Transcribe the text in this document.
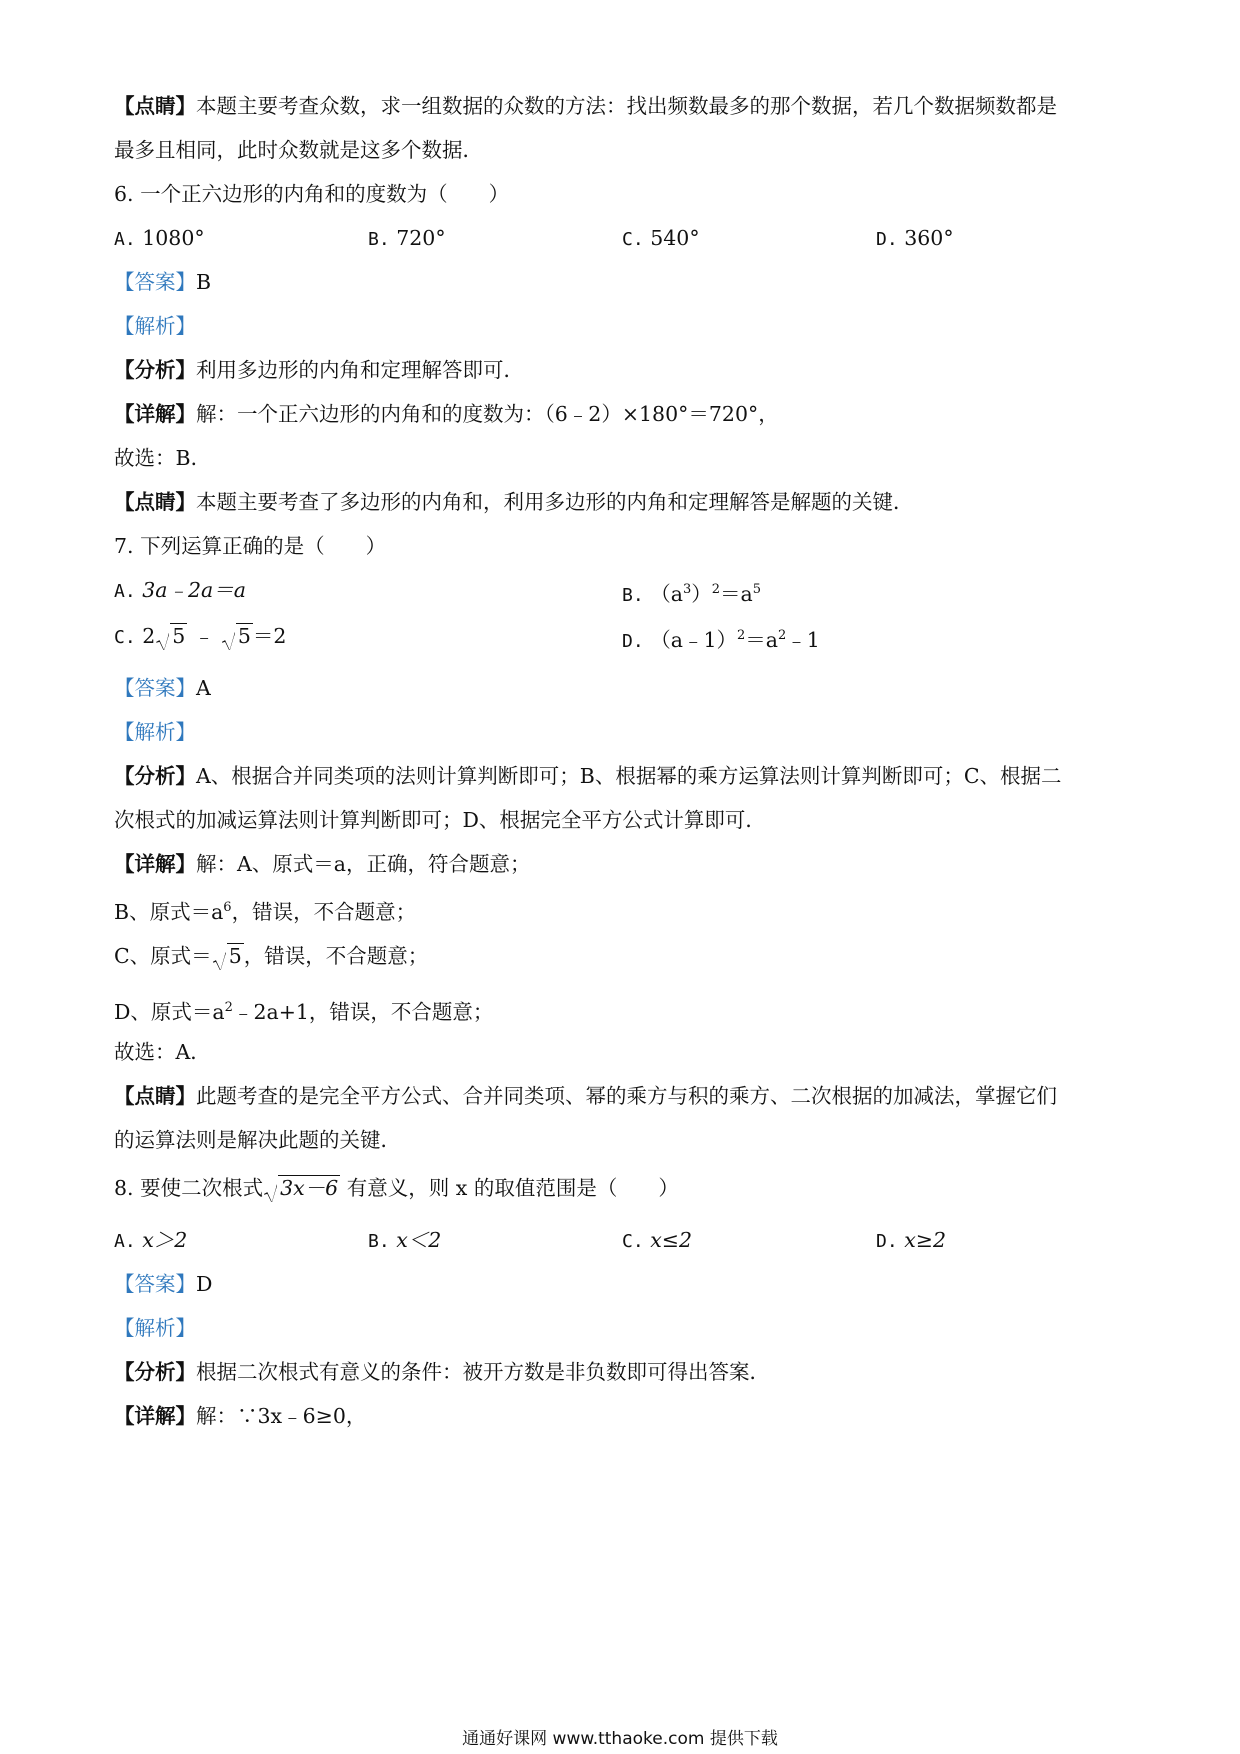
【点睛】本题主要考查众数，求一组数据的众数的方法：找出频数最多的那个数据，若几个数据频数都是
最多且相同，此时众数就是这多个数据．
6. 一个正六边形的内角和的度数为（　　）
A. 1080°	B. 720°	C. 540°	D. 360°
【答案】B
【解析】
【分析】利用多边形的内角和定理解答即可．
【详解】解：一个正六边形的内角和的度数为：（6﹣2）×180°＝720°，
故选：B．
【点睛】本题主要考查了多边形的内角和，利用多边形的内角和定理解答是解题的关键．
7. 下列运算正确的是（　　）
A. 3a﹣2a＝a	B. $(a^3)^2=a^5$
C. 2 5 ﹣ 5＝2	D. $(a﹣1)^2=a^2﹣1$
【答案】A
【解析】
【分析】A、根据合并同类项的法则计算判断即可；B、根据幂的乘方运算法则计算判断即可；C、根据二
次根式的加减运算法则计算判断即可；D、根据完全平方公式计算即可．
【详解】解：A、原式＝a，正确，符合题意；
B、原式$=a^6$，错误，不合题意；
C、原式＝ 5，错误，不合题意；
D、原式$=a^2﹣2a+1$，错误，不合题意；
故选：A．
【点睛】此题考查的是完全平方公式、合并同类项、幂的乘方与积的乘方、二次根据的加减法，掌握它们
的运算法则是解决此题的关键．
8. 要使二次根式 3x－6 有意义，则 x 的取值范围是（　　）
A. x＞2	B. x＜2	C. x≤2	D. x≥2
【答案】D
【解析】
【分析】根据二次根式有意义的条件：被开方数是非负数即可得出答案．
【详解】解：∵3x﹣6≥0，
通通好课网 www.tthaoke.com 提供下载
